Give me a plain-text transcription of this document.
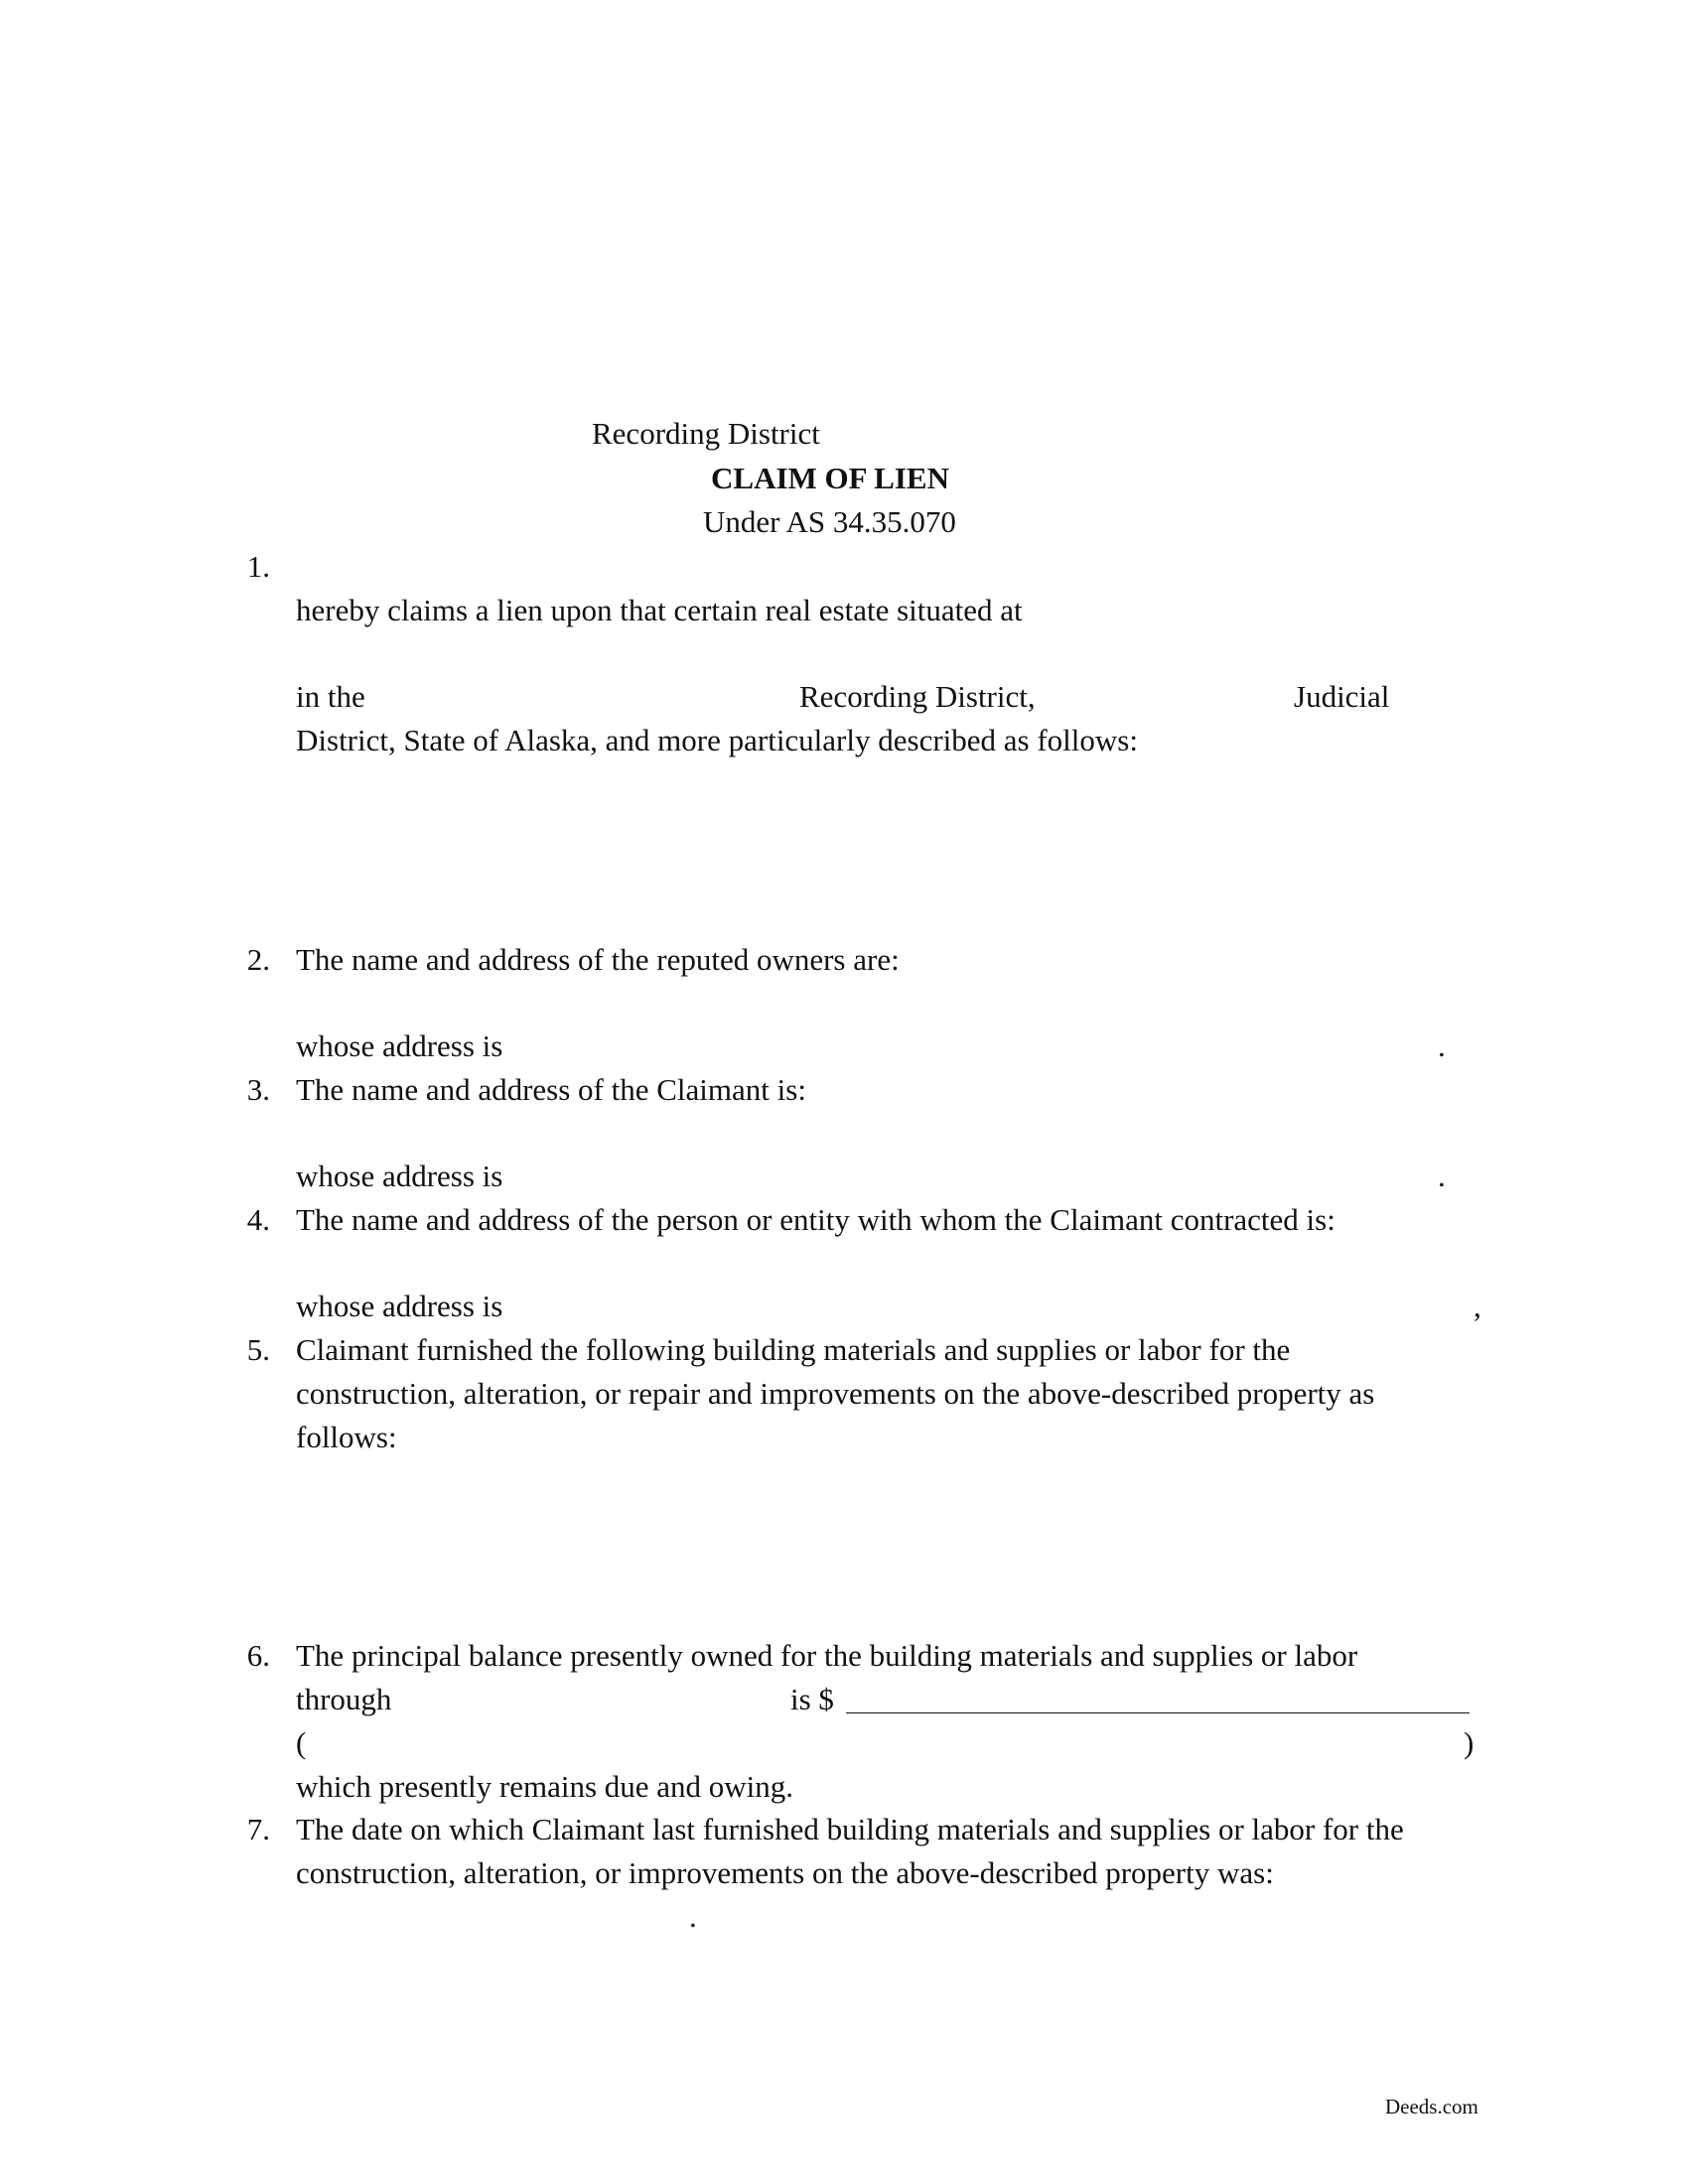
Recording District
CLAIM OF LIEN
Under AS 34.35.070
1.
hereby claims a lien upon that certain real estate situated at
in the	Recording District,	Judicial
District, State of Alaska, and more particularly described as follows:
2. The name and address of the reputed owners are:
whose address is	.
3. The name and address of the Claimant is:
whose address is	.
4. The name and address of the person or entity with whom the Claimant contracted is:
whose address is	,
5. Claimant furnished the following building materials and supplies or labor for the
construction, alteration, or repair and improvements on the above-described property as
follows:
6. The principal balance presently owned for the building materials and supplies or labor
through	is $
(	)
which presently remains due and owing.
7. The date on which Claimant last furnished building materials and supplies or labor for the
construction, alteration, or improvements on the above-described property was:
.
Deeds.com
